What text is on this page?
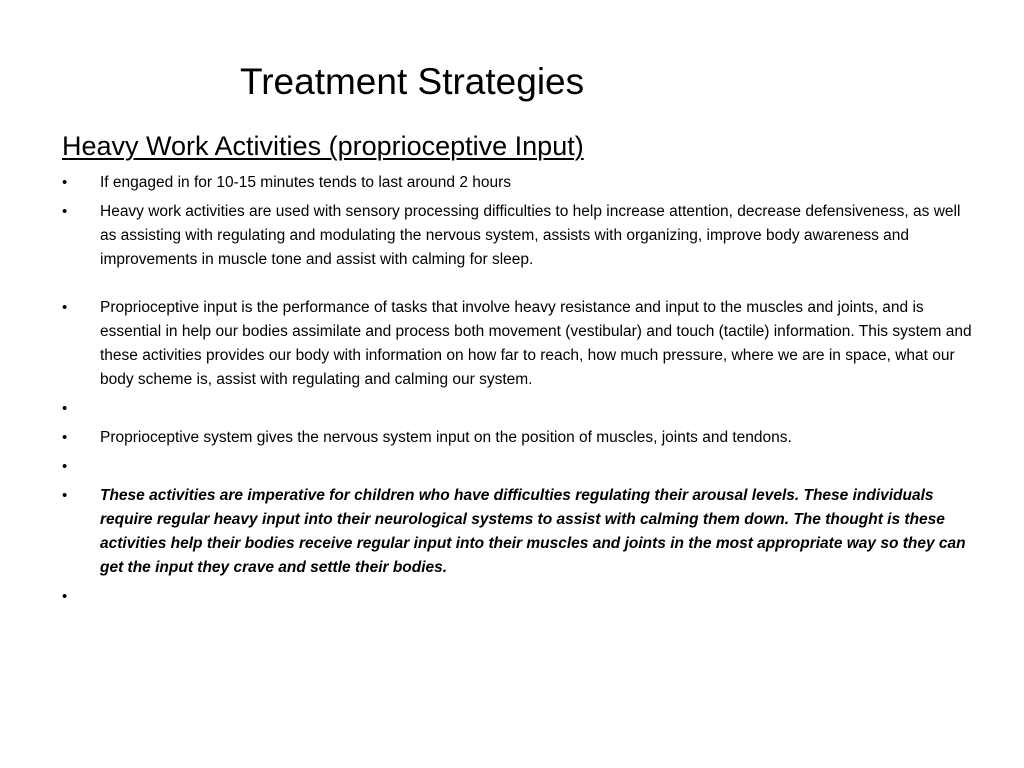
Treatment Strategies
Heavy Work Activities (proprioceptive Input)
•	If engaged in for 10-15 minutes tends to last around 2 hours
•	Heavy work activities are used with sensory processing difficulties to help increase attention, decrease defensiveness, as well as assisting with regulating and modulating the nervous system, assists with organizing, improve body awareness and improvements in muscle tone and assist with calming for sleep.
•	Proprioceptive input is the performance of tasks that involve heavy resistance and input to the muscles and joints, and is essential in help our bodies assimilate and process both movement (vestibular) and touch (tactile) information. This system and these activities provides our body with information on how far to reach, how much pressure, where we are in space, what our body scheme is, assist with regulating and calming our system.
•
•	Proprioceptive system gives the nervous system input on the position of muscles, joints and tendons.
•
•	These activities are imperative for children who have difficulties regulating their arousal levels. These individuals require regular heavy input into their neurological systems to assist with calming them down. The thought is these activities help their bodies receive regular input into their muscles and joints in the most appropriate way so they can get the input they crave and settle their bodies.
•
